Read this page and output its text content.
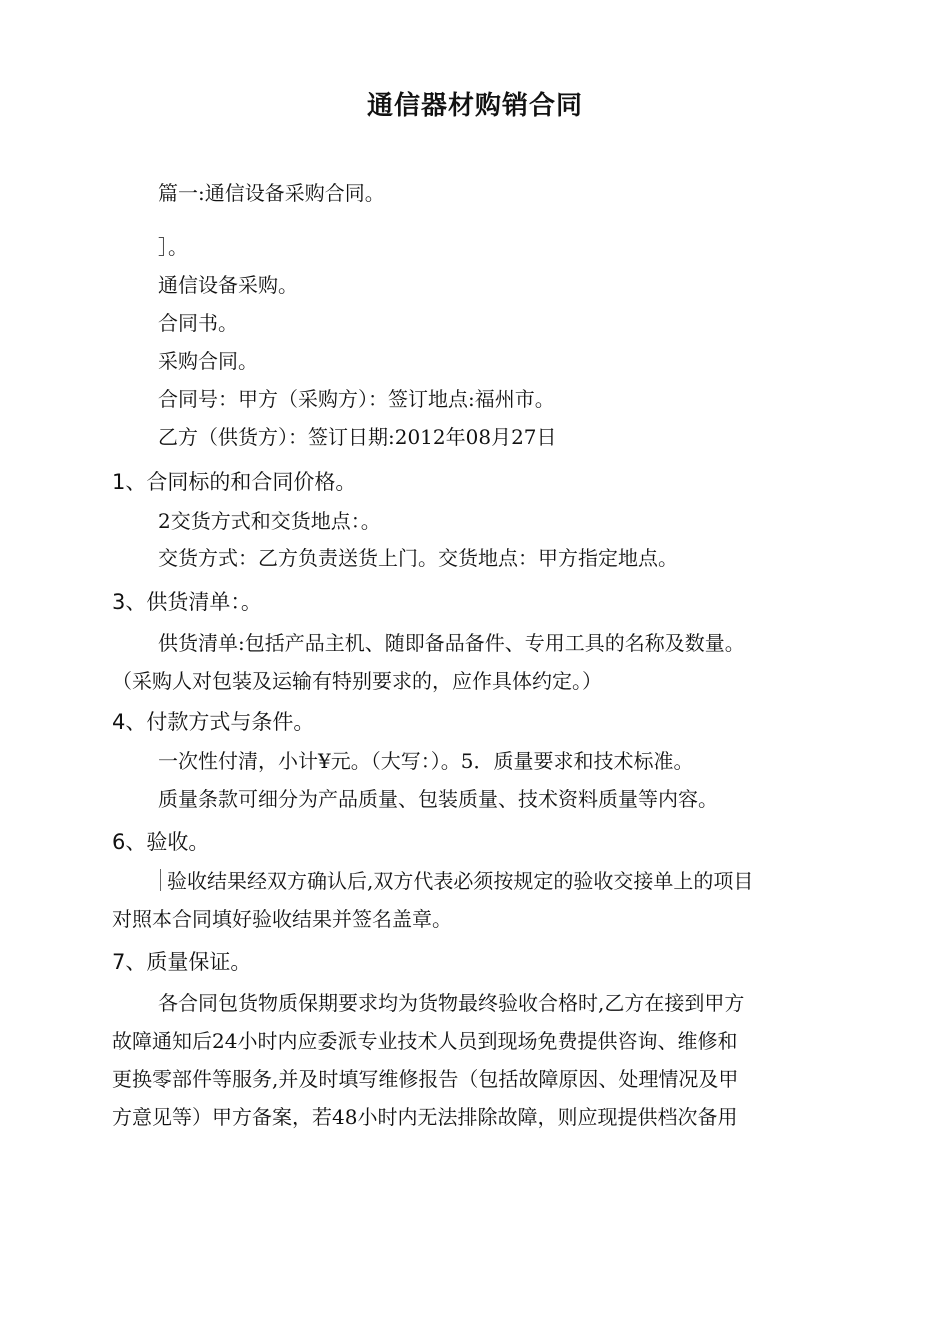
通信器材购销合同
篇一:通信设备采购合同。
］。
通信设备采购。
合同书。
采购合同。
合同号：甲方（采购方）：签订地点:福州市。
乙方（供货方）：签订日期:2012年08月27日
1、合同标的和合同价格。
2交货方式和交货地点：。
交货方式：乙方负责送货上门。交货地点：甲方指定地点。
3、供货清单：。
供货清单:包括产品主机、随即备品备件、专用工具的名称及数量。
（采购人对包装及运输有特别要求的，应作具体约定。）
4、付款方式与条件。
一次性付清，小计¥元。（大写：）。5．质量要求和技术标准。
质量条款可细分为产品质量、包装质量、技术资料质量等内容。
6、验收。
验收结果经双方确认后,双方代表必须按规定的验收交接单上的项目
对照本合同填好验收结果并签名盖章。
7、质量保证。
各合同包货物质保期要求均为货物最终验收合格时,乙方在接到甲方
故障通知后24小时内应委派专业技术人员到现场免费提供咨询、维修和
更换零部件等服务,并及时填写维修报告（包括故障原因、处理情况及甲
方意见等）甲方备案，若48小时内无法排除故障，则应现提供档次备用
